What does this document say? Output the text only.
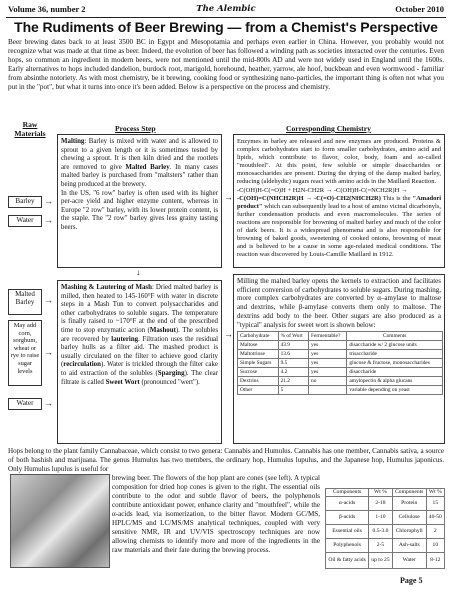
Volume 36, number 2	The Alembic	October 2010
The Rudiments of Beer Brewing — from a Chemist's Perspective
Beer brewing dates back to at least 3500 BC in Egypt and Mesopotamia and perhaps even earlier in China. However, you probably would not recognize what was made at that time as beer. Indeed, the evolution of beer has followed a winding path as societies interacted over the centuries. Even hops, so common an ingredient in modern beers, were not mentioned until the mid-800s AD and were not widely used in England until the 1600s. Early alternatives to hops included dandelion, burdock root, marigold, horehound, heather, yarrow, ale hoof, buckbean and even wormwood - familiar from absinthe notoriety. As with most chemistry, be it brewing, cooking food or synthesizing nano-particles, the important thing is often not what you put in the "pot", but what it turns into once it's been added. Below is a perspective on the process and chemistry.
Raw Materials	Process Step	Corresponding Chemistry
Barley	→
Water	→
Malting: Barley is mixed with water and is allowed to sprout to a given length or it is sometimes tested by chewing a sprout. It is then kiln dried and the rootlets are removed to give Malted Barley. In many cases malted barley is purchased from "maltsters" rather than being produced at the brewery.
In the US, "6 row" barley is often used with its higher per-acre yield and higher enzyme content, whereas in Europe "2 row" barley, with its lower protein content, is the staple. The "2 row" barley gives less grainy tasting beers.
→
Enzymes in barley are released and new enzymes are produced. Proteins & complex carbohydrates start to form smaller carbohydrates, amino acid and lipids, which contribute to flavor, color, body, foam and so-called "mouthfeel". At this point, few soluble or simple disaccharides or monosaccharides are present. During the drying of the damp malted barley, reducing (aldehydic) sugars react with amino acids in the Maillard Reaction.
-C(OH)H-C(=O)H + H2N-CH2R → -C(OH)H-C(=NCH2R)H →
-C(OH)=C(NHCH2R)H → -C(=O)-CH2(NHCH2R) This is the "Amadori product" which can subsequently lead to a host of amino vicinal dicarbonyls, further condensation products and even macromolecules. The series of reactions are responsible for browning of malted barley and much of the color of dark beers. It is a widespread phenomena and is also responsible for browning of baked goods, sweetening of cooked onions, browning of meat and is believed to be a cause in some age-related medical conditions. The reaction was discovered by Louis-Camille Maillard in 1912.
↓
Malted Barley	→
May add corn, sorghum, wheat or rye to raise sugar levels
→
Water	→
Mashing & Lautering of Mash: Dried malted barley is milled, then heated to 145-160°F with water in discrete steps in a Mash Tun to convert polysaccharides and other carbohydrates to soluble sugars. The temperature is finally raised to ~170°F at the end of the prescribed time to stop enzymatic action (Mashout). The solubles are recovered by lautering. Filtration uses the residual barley hulls as a filter aid. The mashed product is usually circulated on the filter to achieve good clarity (recirculation). Water is trickled through the filter cake to aid extraction of the solubles (Sparging). The clear filtrate is called Sweet Wort (pronounced "wert").
→
Milling the malted barley opens the kernels to extraction and facilitates efficient conversion of carbohydrates to soluble sugars. During mashing, more complex carbohydrates are converted by α–amylase to maltose and dextrins, while β-amylase converts them only to maltose. The dextrins add body to the beer. Other sugars are also produced as a "typical" analysis for sweet wort is shown below:
Carbohydrate	% of Wort	Fermentable?	Comments
Maltose	43.9	yes	disaccharide w/ 2 glucose units
Maltotriose	13.6	yes	trisaccharide
Simple Sugars	9.5	yes	glucose & fructose, monosaccharides
Sucrose	4.2	yes	disaccharide
Dextrins	21.2	no	amylopectin & alpha glucans
Other	5		variable depending on yeast
Hops belong to the plant family Cannabaceae, which consist to two genera: Cannabis and Humulus. Cannabis has one member, Cannabis sativa, a source of both hashish and marijuana. The genus Humulus has two members, the ordinary hop, Humulus lupulus, and the Japanese hop, Humulus japonicus. Only Humulus lupulus is useful for
brewing beer. The flowers of the hop plant are cones (see left). A typical composition for dried hop cones is given to the right. The essential oils contribute to the odor and subtle flavor of beers, the polyphenols contribute antioxidant power, enhance clarity and "mouthfeel", while the α-acids lead, via isomerization, to the bitter flavor. Modern GC/MS, HPLC/MS and LC/MS/MS analytical techniques, coupled with very sensitive NMR, IR and UV/VIS spectroscopy techniques are now allowing chemists to identify more and more of the ingredients in the raw materials and their fate during the brewing process.
Components	Wt %	Components	Wt %
α-acids	2-18	Protein	15
β-acids	1-10	Cellulose	40-50
Essential oils	0.5-3.0	Chlorophyll	2
Polyphenols	2-5	Ash-salts	10
Oil & fatty acids	up to 25	Water	8-12
Page 5
